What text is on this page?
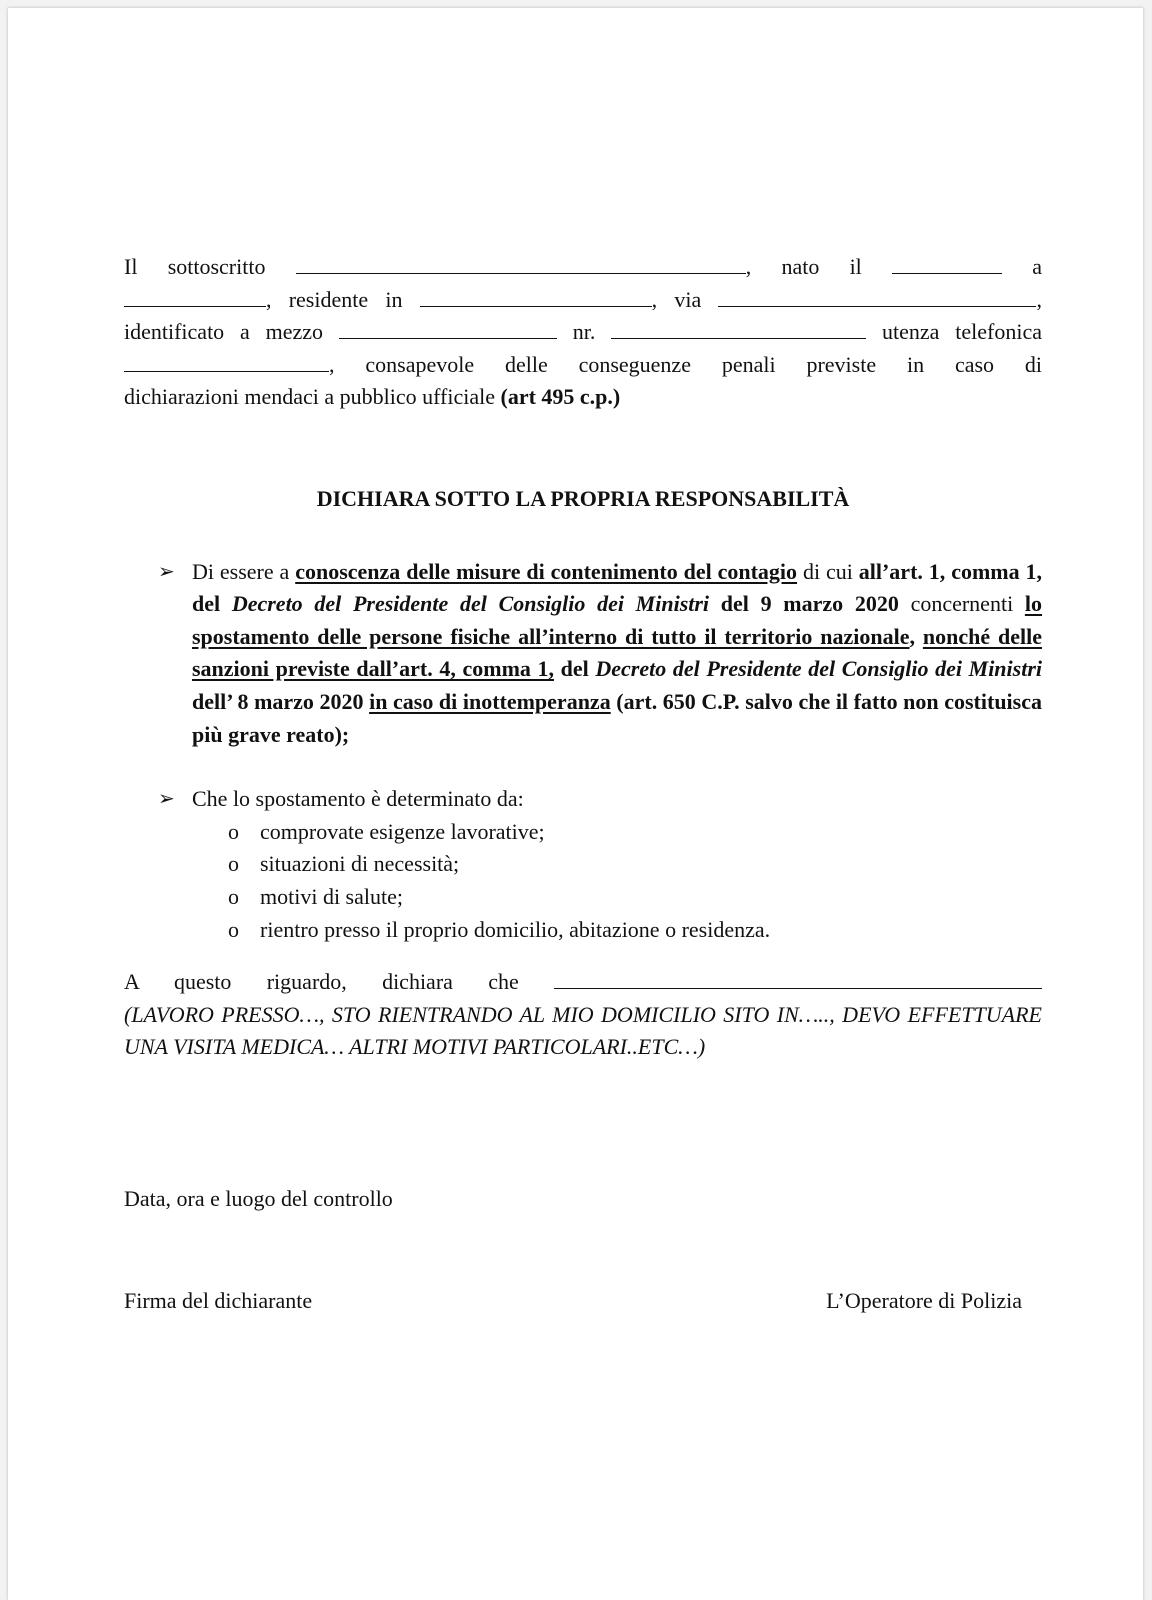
Il sottoscritto	, nato il	a
, residente in	, via	,
identificato a mezzo	nr.	utenza telefonica
, consapevole delle conseguenze penali previste in caso di
dichiarazioni mendaci a pubblico ufficiale (art 495 c.p.)
DICHIARA SOTTO LA PROPRIA RESPONSABILITÀ
➢ Di essere a conoscenza delle misure di contenimento del contagio di cui all’art. 1, comma 1, del Decreto del Presidente del Consiglio dei Ministri del 9 marzo 2020 concernenti lo spostamento delle persone fisiche all’interno di tutto il territorio nazionale, nonché delle sanzioni previste dall’art. 4, comma 1, del Decreto del Presidente del Consiglio dei Ministri dell’ 8 marzo 2020 in caso di inottemperanza (art. 650 C.P. salvo che il fatto non costituisca più grave reato);
➢ Che lo spostamento è determinato da:
o comprovate esigenze lavorative;
o situazioni di necessità;
o motivi di salute;
o rientro presso il proprio domicilio, abitazione o residenza.
A questo riguardo, dichiara che
(LAVORO PRESSO…, STO RIENTRANDO AL MIO DOMICILIO SITO IN….., DEVO EFFETTUARE UNA VISITA MEDICA… ALTRI MOTIVI PARTICOLARI..ETC…)
Data, ora e luogo del controllo
Firma del dichiarante	L’Operatore di Polizia
